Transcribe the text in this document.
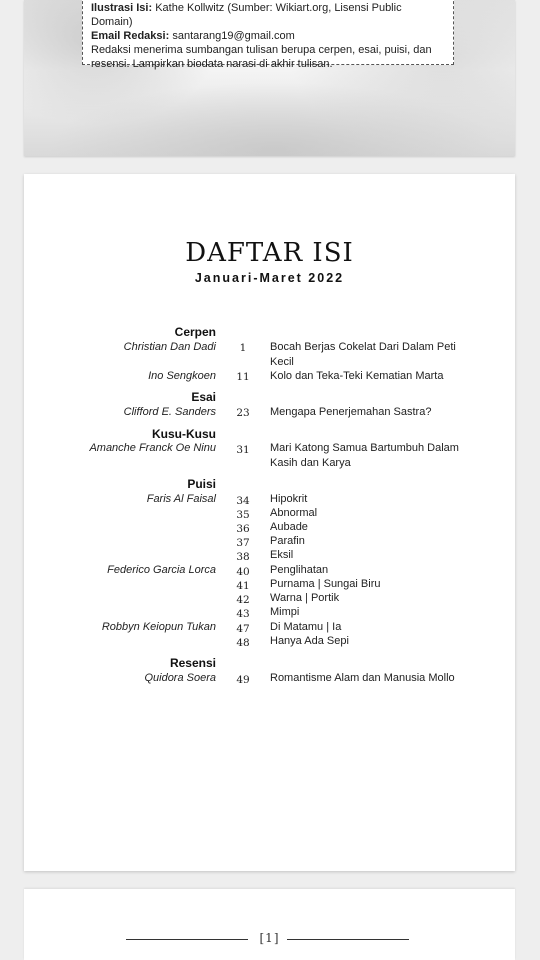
Ilustrasi Isi: Kathe Kollwitz (Sumber: Wikiart.org, Lisensi Public Domain)
Email Redaksi: santarang19@gmail.com
Redaksi menerima sumbangan tulisan berupa cerpen, esai, puisi, dan
resensi. Lampirkan biodata narasi di akhir tulisan.
DAFTAR ISI
Januari-Maret 2022
Cerpen
Christian Dan Dadi	1	Bocah Berjas Cokelat Dari Dalam Peti Kecil
Ino Sengkoen 11 Kolo dan Teka-Teki Kematian Marta
Esai
Clifford E. Sanders 23 Mengapa Penerjemahan Sastra?
Kusu-Kusu
Amanche Franck Oe Ninu 31 Mari Katong Samua Bartumbuh Dalam Kasih dan Karya
Puisi
Faris Al Faisal 34 Hipokrit
35 Abnormal
36 Aubade
37 Parafin
38 Eksil
Federico Garcia Lorca 40 Penglihatan
41 Purnama | Sungai Biru
42 Warna | Portik
43 Mimpi
Robbyn Keiopun Tukan 47 Di Matamu | Ia
48 Hanya Ada Sepi
Resensi
Quidora Soera 49 Romantisme Alam dan Manusia Mollo
[1]
